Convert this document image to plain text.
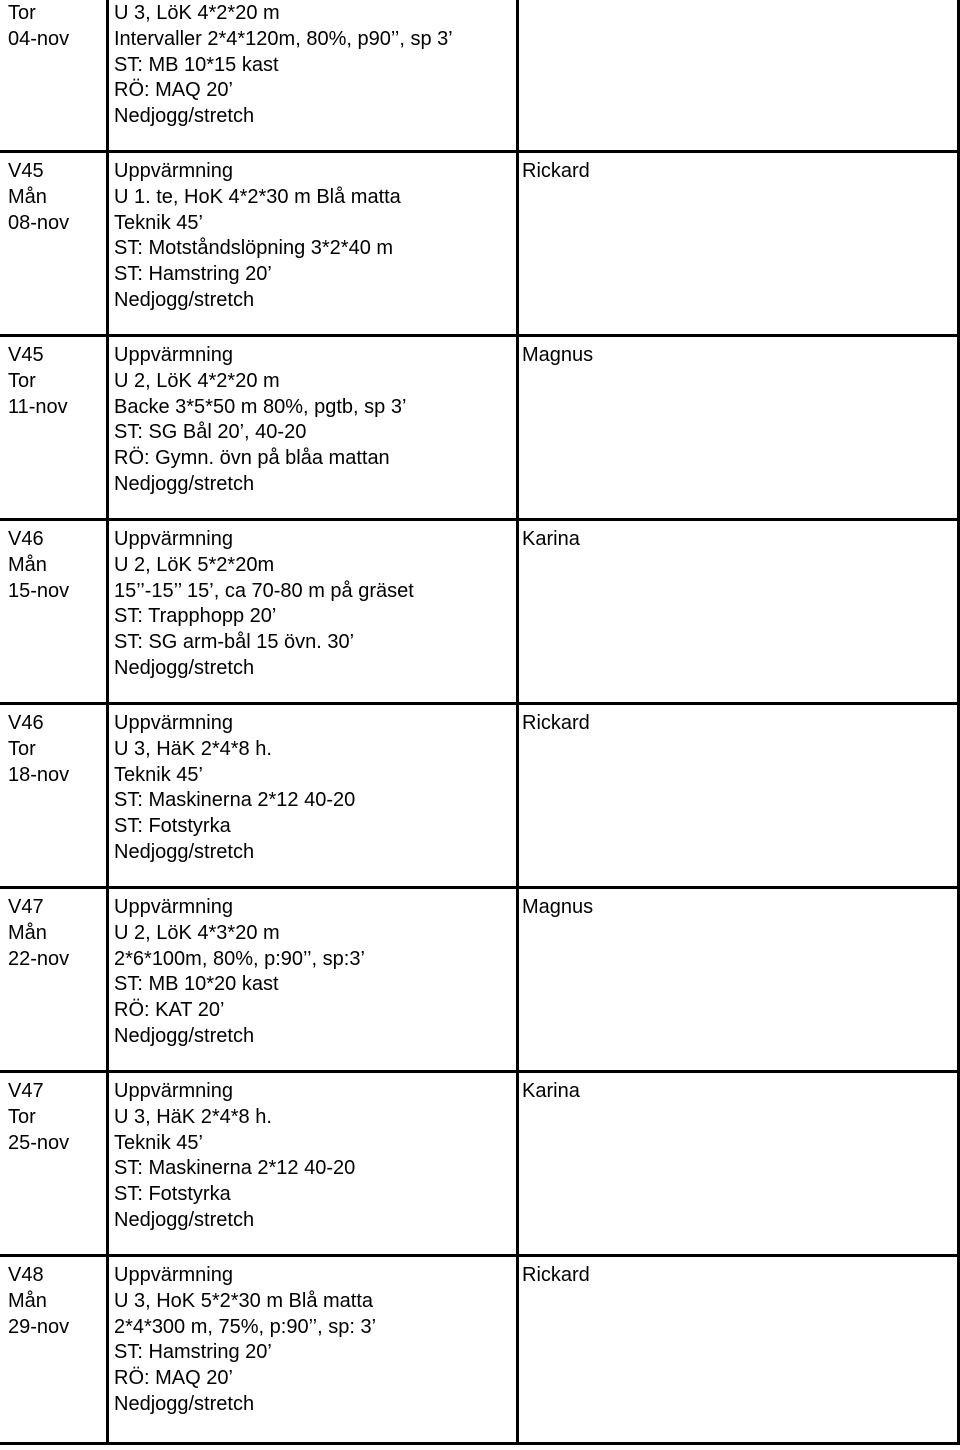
Tor
04-nov
U 3, LöK 4*2*20 m
Intervaller 2*4*120m, 80%, p90’’, sp 3’
ST: MB 10*15 kast
RÖ: MAQ 20’
Nedjogg/stretch
V45
Mån
08-nov
Uppvärmning
U 1. te, HoK 4*2*30 m Blå matta
Teknik 45’
ST: Motståndslöpning 3*2*40 m
ST: Hamstring 20’
Nedjogg/stretch
Rickard
V45
Tor
11-nov
Uppvärmning
U 2, LöK 4*2*20 m
Backe 3*5*50 m 80%, pgtb, sp 3’
ST: SG Bål 20’, 40-20
RÖ: Gymn. övn på blåa mattan
Nedjogg/stretch
Magnus
V46
Mån
15-nov
Uppvärmning
U 2, LöK 5*2*20m
15’’-15’’ 15’, ca 70-80 m på gräset
ST: Trapphopp 20’
ST: SG arm-bål 15 övn. 30’
Nedjogg/stretch
Karina
V46
Tor
18-nov
Uppvärmning
U 3, HäK 2*4*8 h.
Teknik 45’
ST: Maskinerna 2*12 40-20
ST: Fotstyrka
Nedjogg/stretch
Rickard
V47
Mån
22-nov
Uppvärmning
U 2, LöK 4*3*20 m
2*6*100m, 80%, p:90’’, sp:3’
ST: MB 10*20 kast
RÖ: KAT 20’
Nedjogg/stretch
Magnus
V47
Tor
25-nov
Uppvärmning
U 3, HäK 2*4*8 h.
Teknik 45’
ST: Maskinerna 2*12 40-20
ST: Fotstyrka
Nedjogg/stretch
Karina
V48
Mån
29-nov
Uppvärmning
U 3, HoK 5*2*30 m Blå matta
2*4*300 m, 75%, p:90’’, sp: 3’
ST: Hamstring 20’
RÖ: MAQ 20’
Nedjogg/stretch
Rickard
